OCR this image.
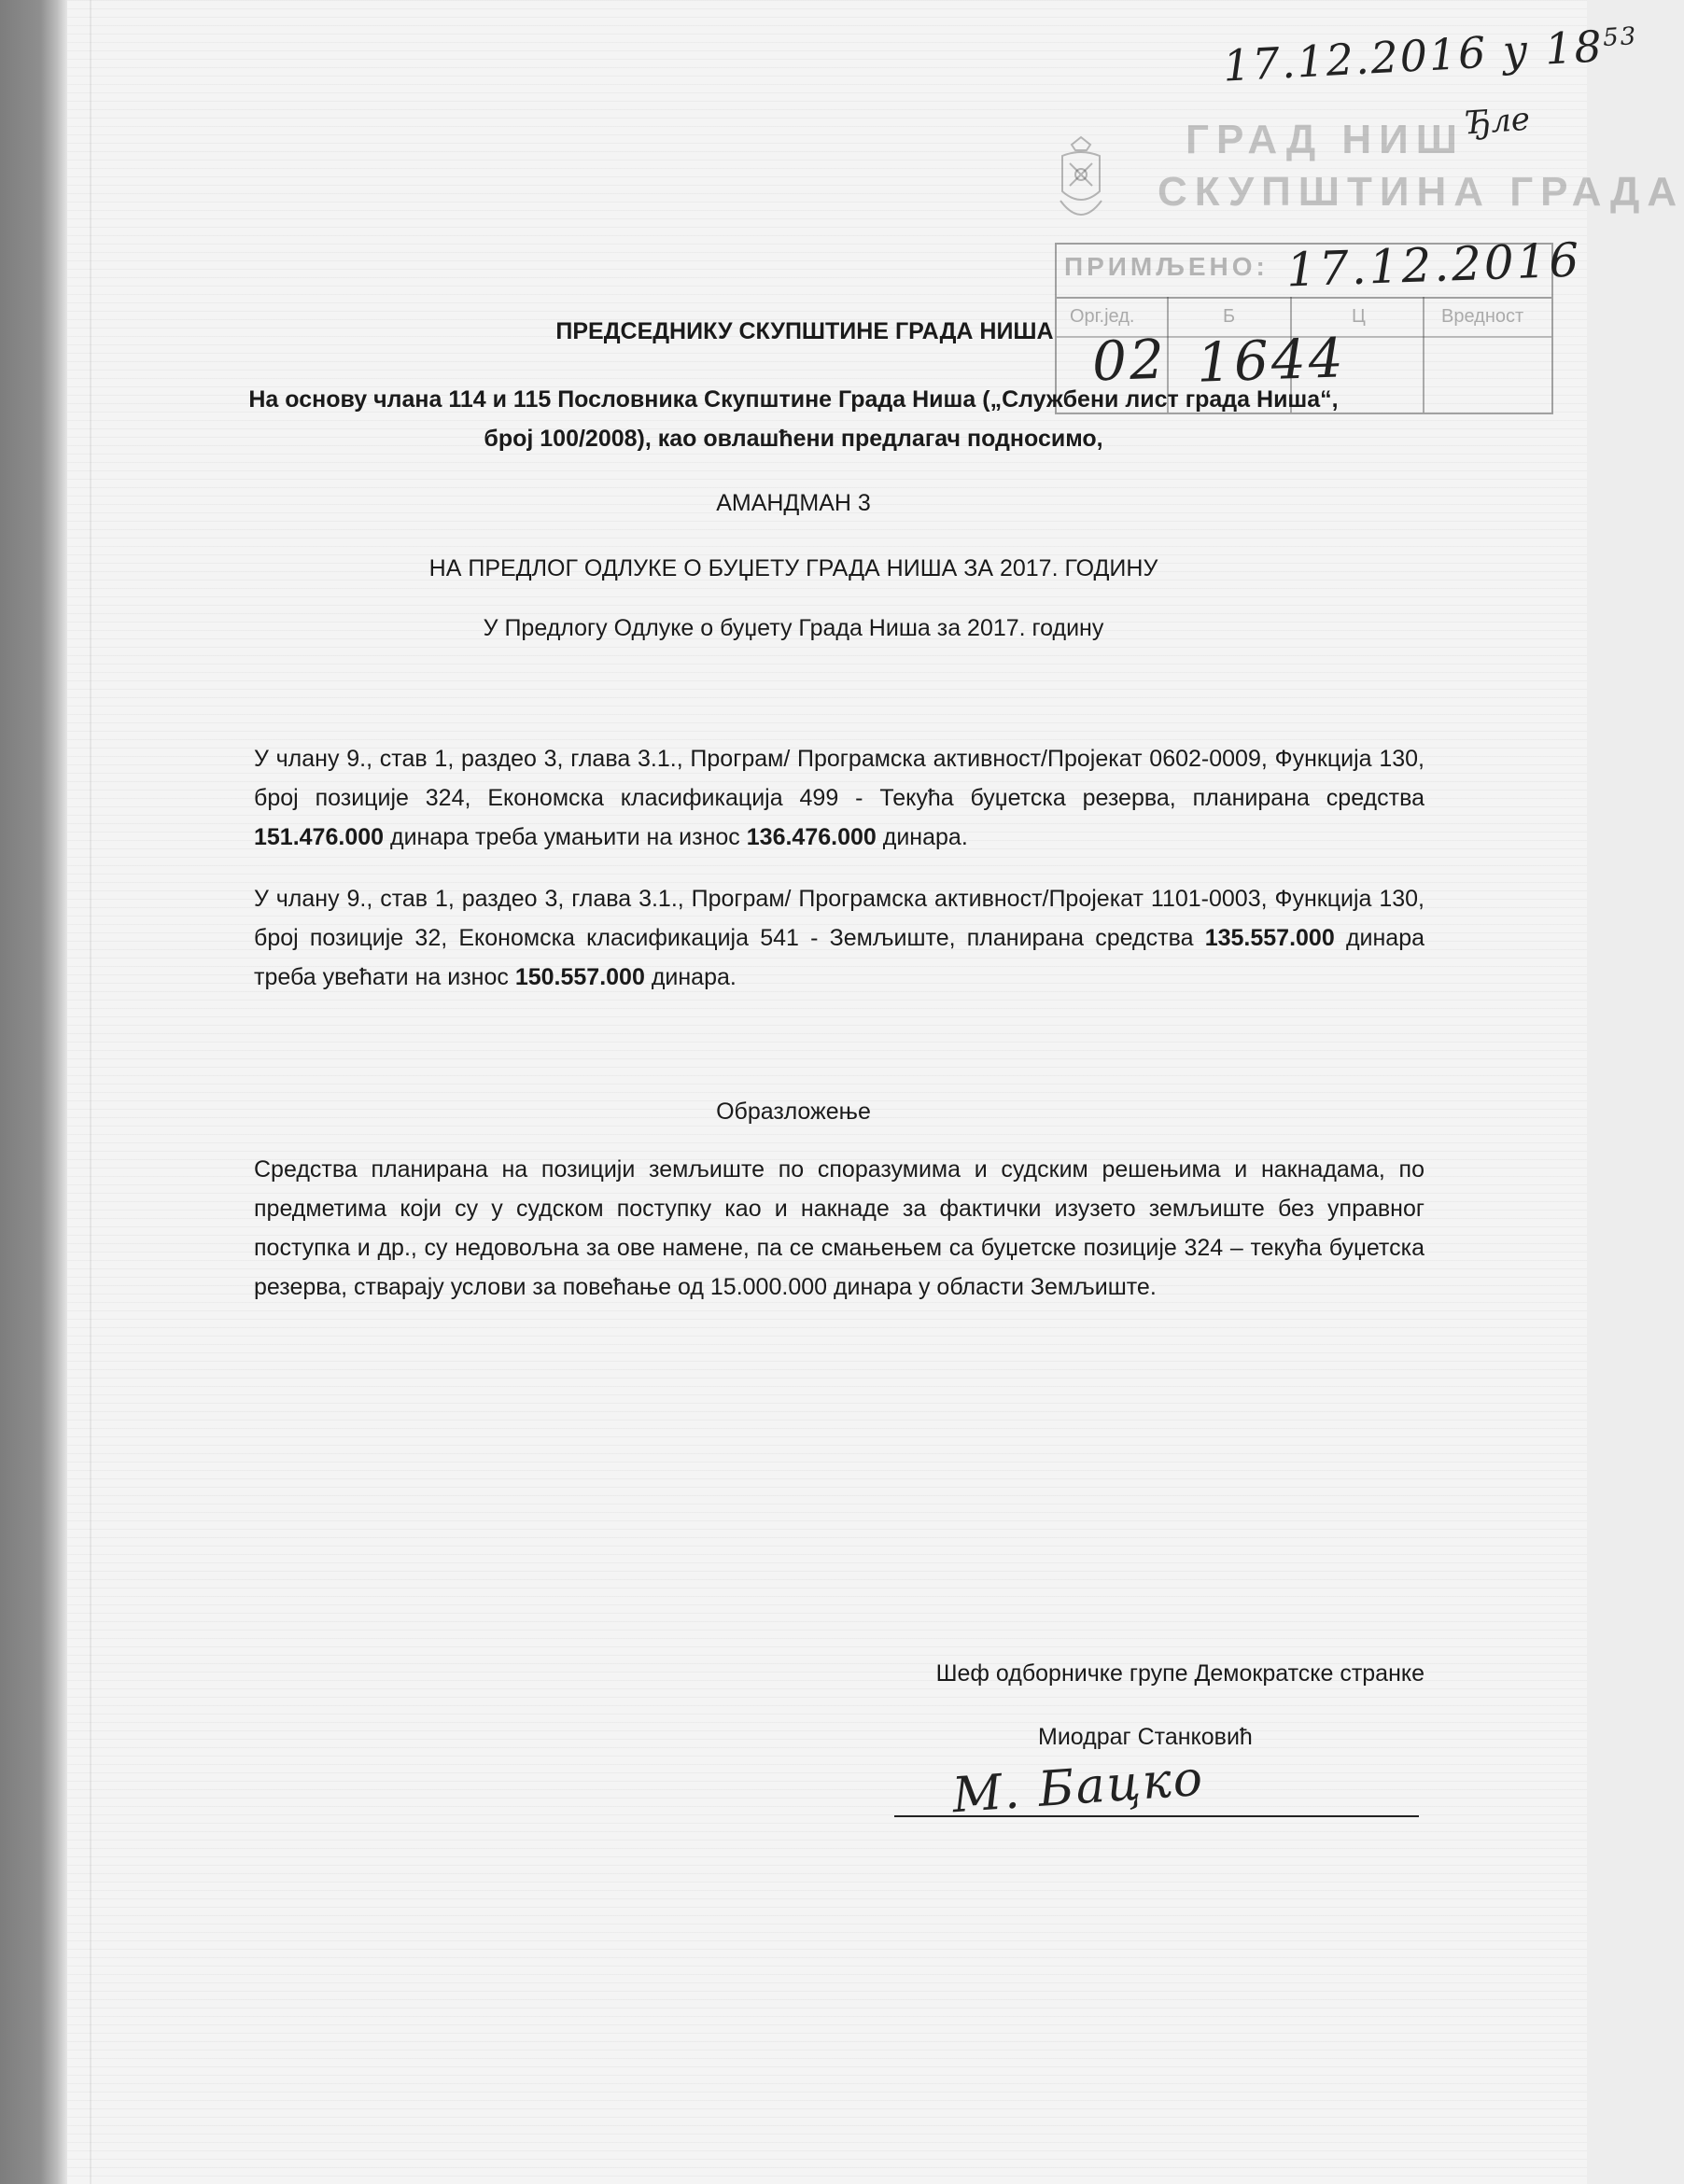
ГРАД НИШ
СКУПШТИНА ГРАДА
ПРИМЉЕНО:
Орг.јед.	Б	Ц	Вредност
17.12.2016 у $18^{53}$
Ђле
17.12.2016
02 1644
ПРЕДСЕДНИКУ СКУПШТИНЕ ГРАДА НИША
На основу члана 114 и 115 Пословника Скупштине Града Ниша („Службени лист града Ниша“,
број 100/2008), као овлашћени предлагач подносимо,
АМАНДМАН 3
НА ПРЕДЛОГ ОДЛУКЕ О БУЏЕТУ ГРАДА НИША ЗА 2017. ГОДИНУ
У Предлогу Одлуке о буџету Града Ниша за 2017. годину
У члану 9., став 1, раздео 3, глава 3.1., Програм/ Програмска активност/Пројекат 0602-0009, Функција 130, број позиције 324, Економска класификација 499 - Текућа буџетска резерва, планирана средства 151.476.000 динара треба умањити на износ 136.476.000 динара.
У члану 9., став 1, раздео 3, глава 3.1., Програм/ Програмска активност/Пројекат 1101-0003, Функција 130, број позиције 32, Економска класификација 541 - Земљиште, планирана средства 135.557.000 динара треба увећати на износ 150.557.000 динара.
Образложење
Средства планирана на позицији земљиште по споразумима и судским решењима и накнадама, по предметима који су у судском поступку као и накнаде за фактички изузето земљиште без управног поступка и др., су недовољна за ове намене, па се смањењем са буџетске позиције 324 – текућа буџетска резерва, стварају услови за повећање од 15.000.000 динара у области Земљиште.
Шеф одборничке групе Демократске странке
Миодраг Станковић
М. Бацко
